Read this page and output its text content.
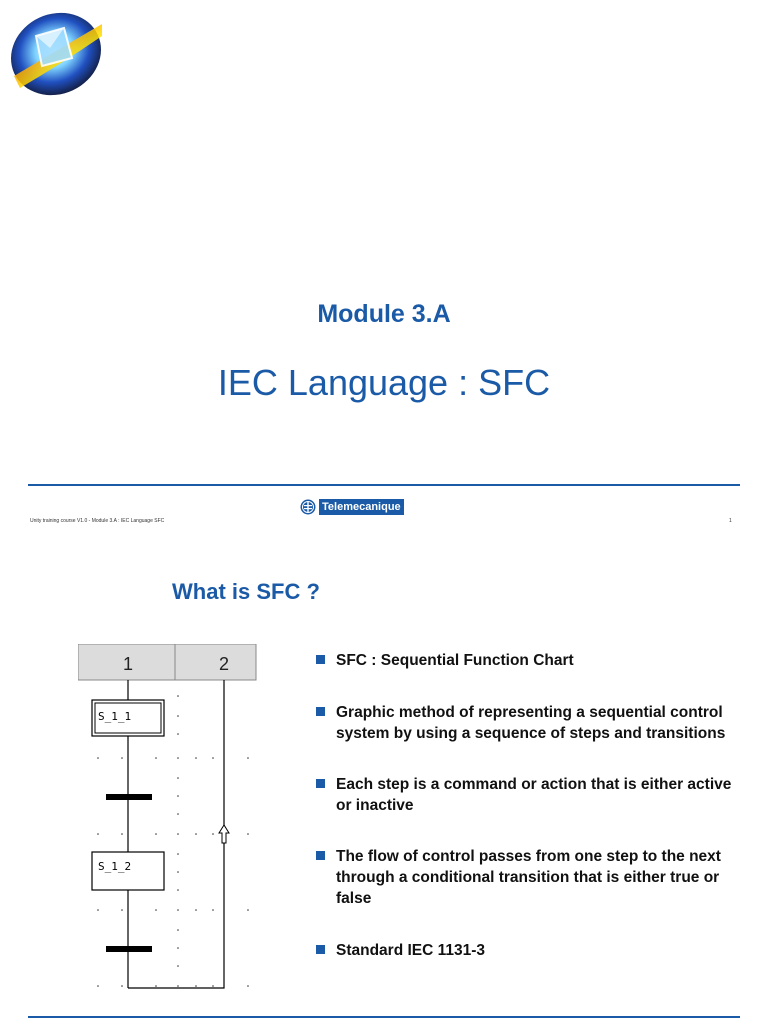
Module 3.A
IEC Language : SFC
Telemecanique
Unity training course V1.0 - Module 3.A : IEC Language SFC	1
What is SFC ?
1	2
S_1_1
S_1_2
SFC : Sequential Function Chart
Graphic method of representing a sequential control system by using a sequence of steps and transitions
Each step is a command or action that is either active or inactive
The flow of control passes from one step to the next through a conditional transition that is either true or false
Standard IEC 1131-3
